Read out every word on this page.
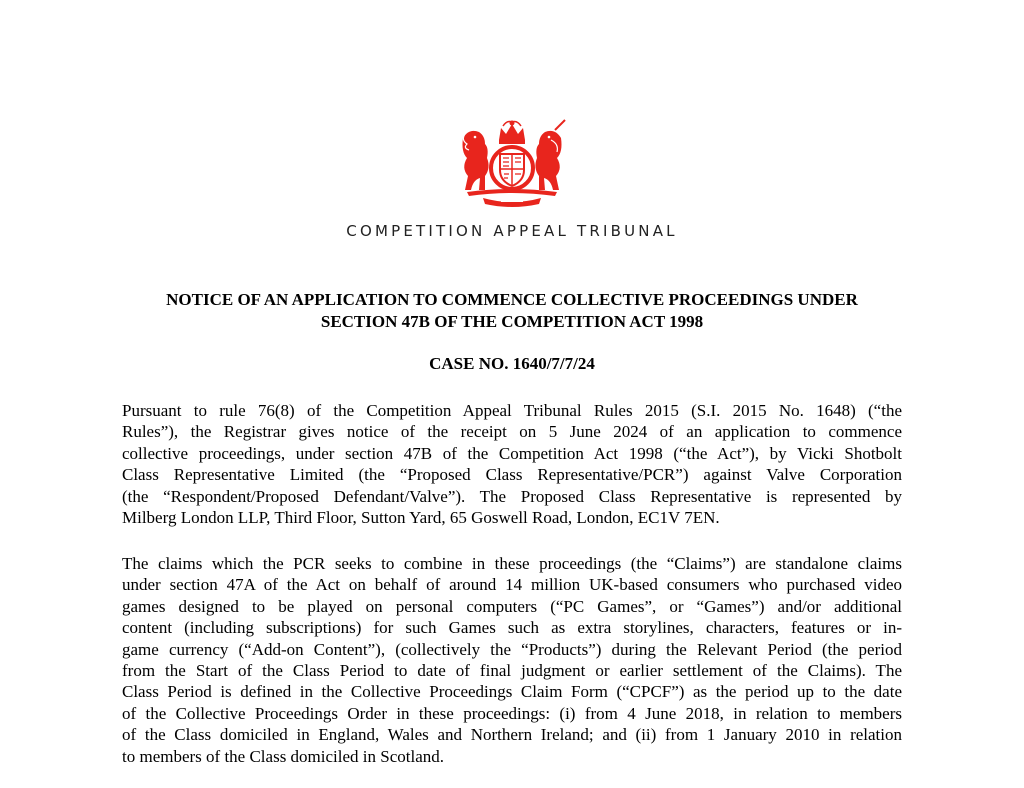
COMPETITION APPEAL TRIBUNAL
NOTICE OF AN APPLICATION TO COMMENCE COLLECTIVE PROCEEDINGS UNDER
SECTION 47B OF THE COMPETITION ACT 1998
CASE NO. 1640/7/7/24
Pursuant to rule 76(8) of the Competition Appeal Tribunal Rules 2015 (S.I. 2015 No. 1648) (“the
Rules”), the Registrar gives notice of the receipt on 5 June 2024 of an application to commence
collective proceedings, under section 47B of the Competition Act 1998 (“the Act”), by Vicki Shotbolt
Class Representative Limited (the “Proposed Class Representative/PCR”) against Valve Corporation
(the “Respondent/Proposed Defendant/Valve”). The Proposed Class Representative is represented by
Milberg London LLP, Third Floor, Sutton Yard, 65 Goswell Road, London, EC1V 7EN.
The claims which the PCR seeks to combine in these proceedings (the “Claims”) are standalone claims
under section 47A of the Act on behalf of around 14 million UK-based consumers who purchased video
games designed to be played on personal computers (“PC Games”, or “Games”) and/or additional
content (including subscriptions) for such Games such as extra storylines, characters, features or in-
game currency (“Add-on Content”), (collectively the “Products”) during the Relevant Period (the period
from the Start of the Class Period to date of final judgment or earlier settlement of the Claims). The
Class Period is defined in the Collective Proceedings Claim Form (“CPCF”) as the period up to the date
of the Collective Proceedings Order in these proceedings: (i) from 4 June 2018, in relation to members
of the Class domiciled in England, Wales and Northern Ireland; and (ii) from 1 January 2010 in relation
to members of the Class domiciled in Scotland.
